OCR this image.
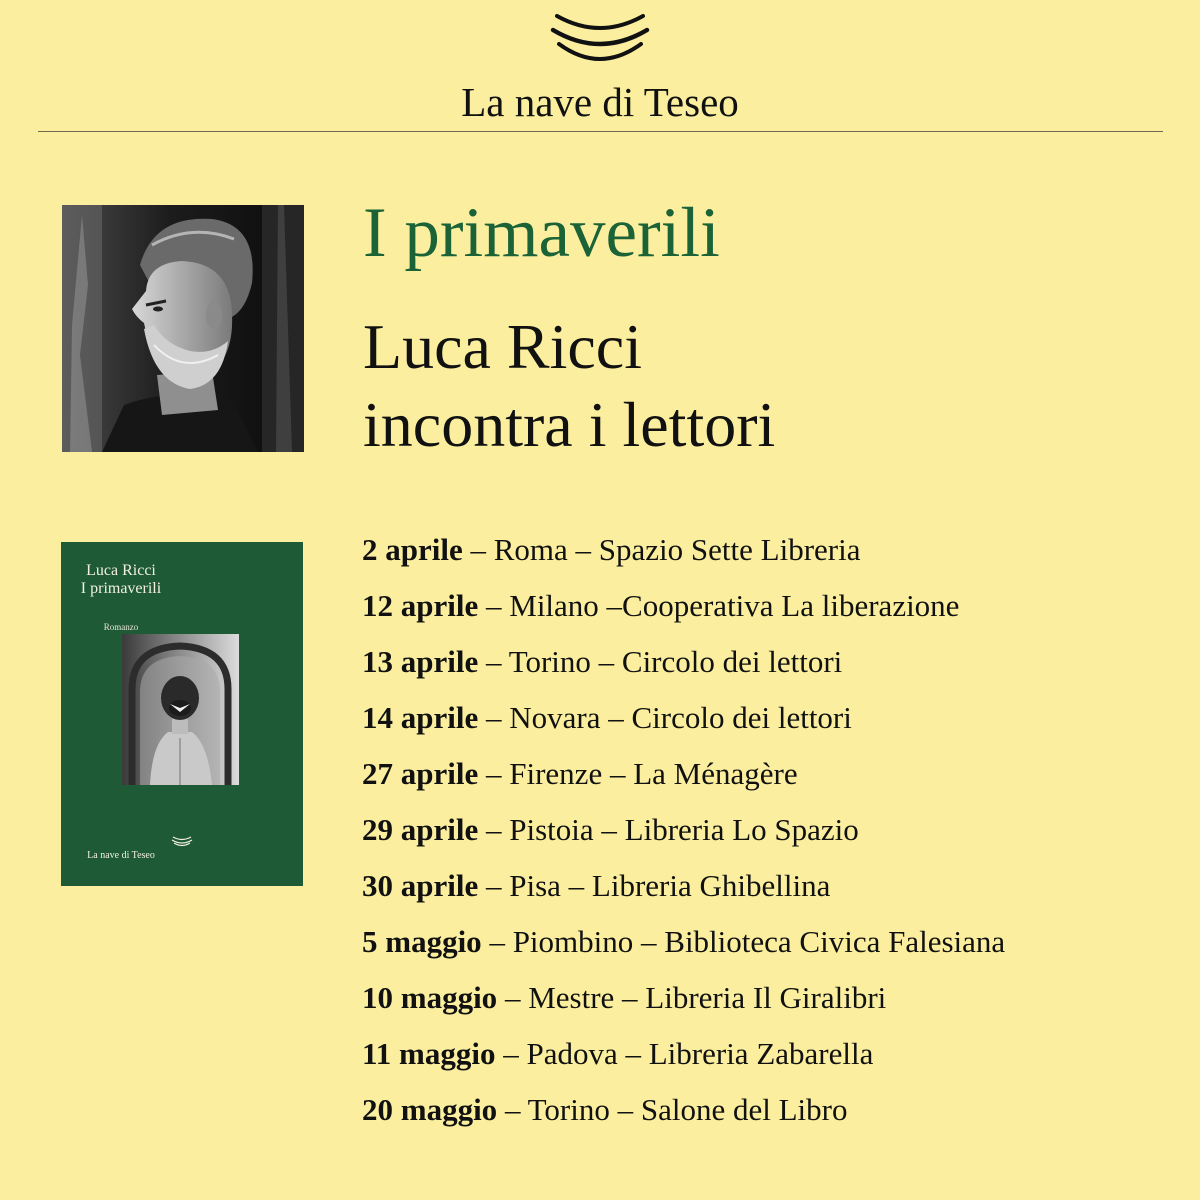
La nave di Teseo
I primaverili
Luca Ricci
incontra i lettori
Luca Ricci
I primaverili
Romanzo
La nave di Teseo
2 aprile – Roma – Spazio Sette Libreria
12 aprile – Milano –Cooperativa La liberazione
13 aprile – Torino – Circolo dei lettori
14 aprile – Novara – Circolo dei lettori
27 aprile – Firenze – La Ménagère
29 aprile – Pistoia – Libreria Lo Spazio
30 aprile – Pisa – Libreria Ghibellina
5 maggio – Piombino – Biblioteca Civica Falesiana
10 maggio – Mestre – Libreria Il Giralibri
11 maggio – Padova – Libreria Zabarella
20 maggio – Torino – Salone del Libro
